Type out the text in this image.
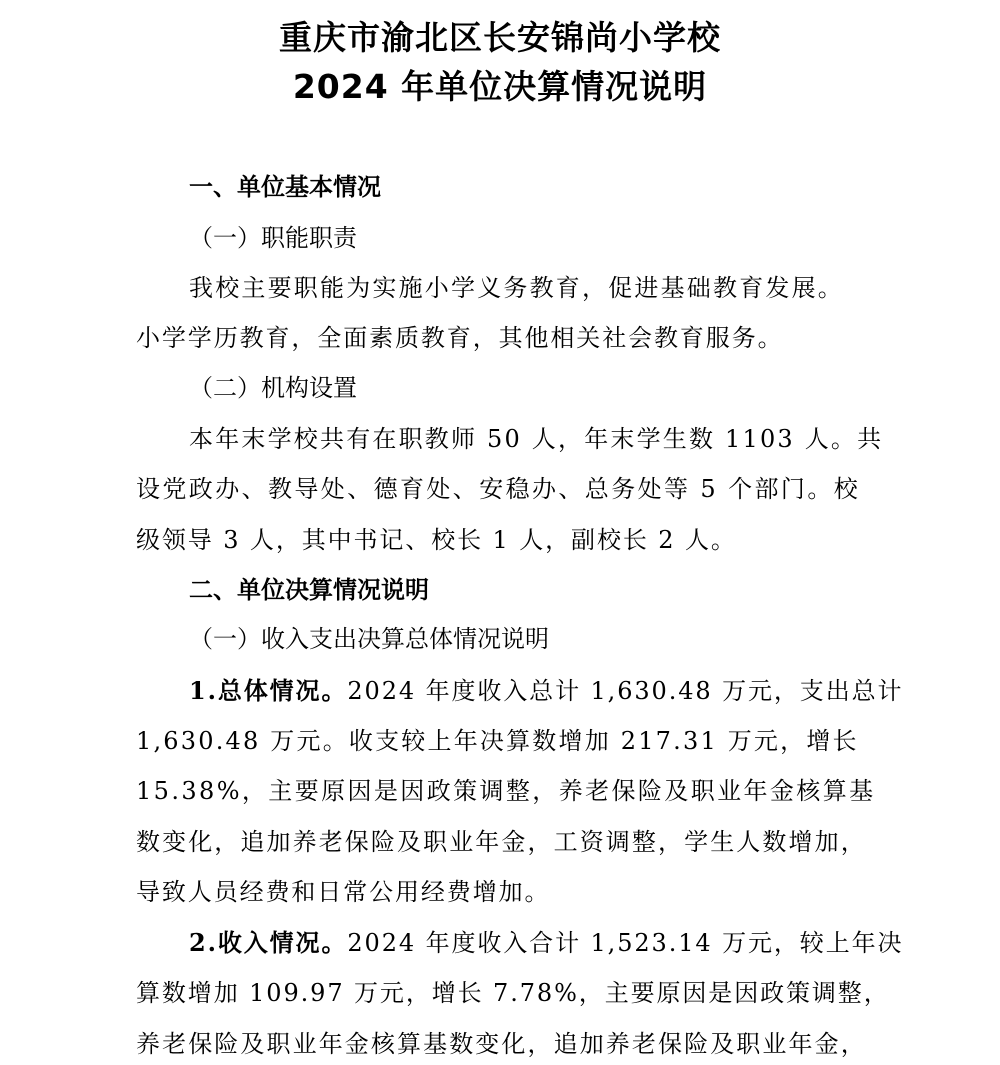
重庆市渝北区长安锦尚小学校
2024 年单位决算情况说明
一、单位基本情况
（一）职能职责
我校主要职能为实施小学义务教育，促进基础教育发展。
小学学历教育，全面素质教育，其他相关社会教育服务。
（二）机构设置
本年末学校共有在职教师 50 人，年末学生数 1103 人。共
设党政办、教导处、德育处、安稳办、总务处等 5 个部门。校
级领导 3 人，其中书记、校长 1 人，副校长 2 人。
二、单位决算情况说明
（一）收入支出决算总体情况说明
1.总体情况。2024 年度收入总计 1,630.48 万元，支出总计
1,630.48 万元。收支较上年决算数增加 217.31 万元，增长
15.38%，主要原因是因政策调整，养老保险及职业年金核算基
数变化，追加养老保险及职业年金，工资调整，学生人数增加，
导致人员经费和日常公用经费增加。
2.收入情况。2024 年度收入合计 1,523.14 万元，较上年决
算数增加 109.97 万元，增长 7.78%，主要原因是因政策调整，
养老保险及职业年金核算基数变化，追加养老保险及职业年金，
